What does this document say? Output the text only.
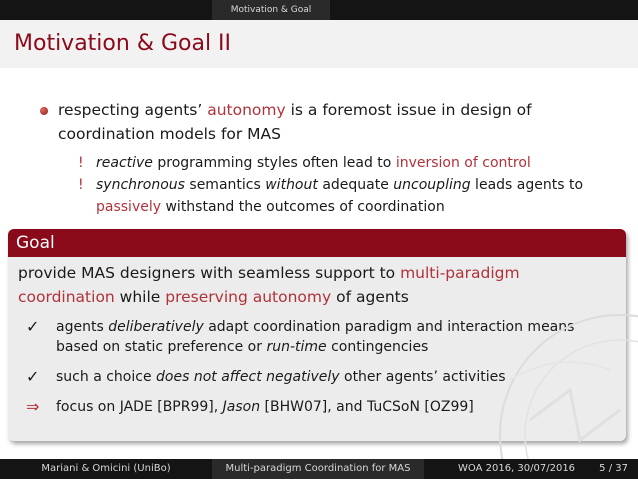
Motivation & Goal
Motivation & Goal II
respecting agents’ autonomy is a foremost issue in design of coordination models for MAS
! reactive programming styles often lead to inversion of control
! synchronous semantics without adequate uncoupling leads agents to passively withstand the outcomes of coordination
Goal
provide MAS designers with seamless support to multi-paradigm coordination while preserving autonomy of agents
✓ agents deliberatively adapt coordination paradigm and interaction means based on static preference or run-time contingencies
✓ such a choice does not affect negatively other agents’ activities
⇒ focus on JADE [BPR99], Jason [BHW07], and TuCSoN [OZ99]
Mariani & Omicini (UniBo)	Multi-paradigm Coordination for MAS	WOA 2016, 30/07/2016 5 / 37
